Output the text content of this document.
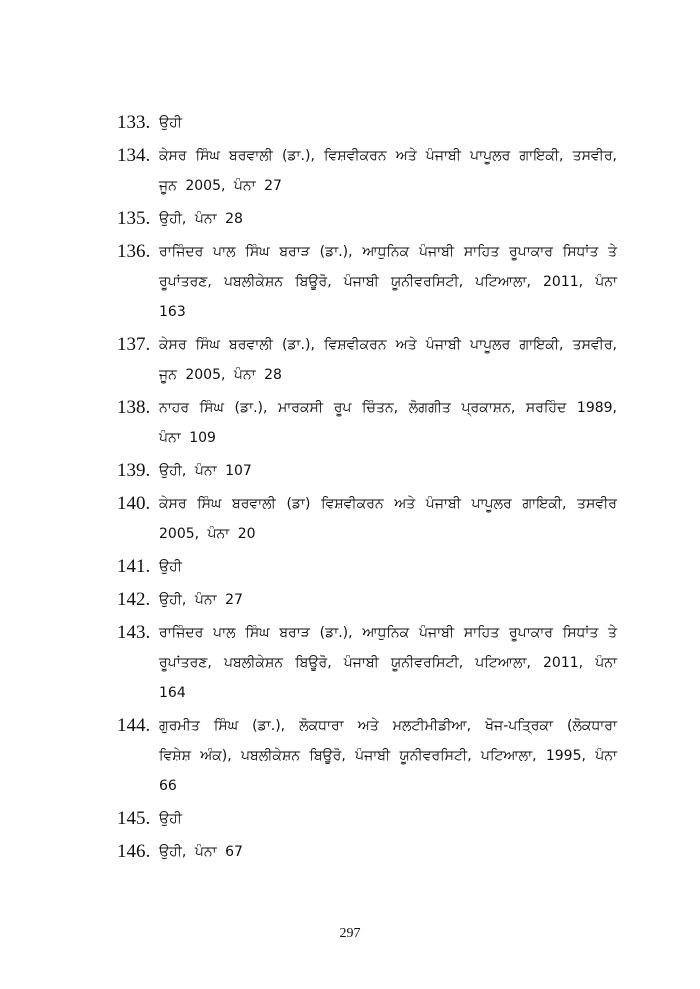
133. ਉਹੀ
134. ਕੇਸਰ ਸਿੰਘ ਬਰਵਾਲੀ (ਡਾ.), ਵਿਸ਼ਵੀਕਰਨ ਅਤੇ ਪੰਜਾਬੀ ਪਾਪੂਲਰ ਗਾਇਕੀ, ਤਸਵੀਰ, ਜੂਨ 2005, ਪੰਨਾ 27
135. ਉਹੀ, ਪੰਨਾ 28
136. ਰਾਜਿੰਦਰ ਪਾਲ ਸਿੰਘ ਬਰਾੜ (ਡਾ.), ਆਧੁਨਿਕ ਪੰਜਾਬੀ ਸਾਹਿਤ ਰੂਪਾਕਾਰ ਸਿਧਾਂਤ ਤੇ ਰੂਪਾਂਤਰਣ, ਪਬਲੀਕੇਸ਼ਨ ਬਿਊਰੋ, ਪੰਜਾਬੀ ਯੂਨੀਵਰਸਿਟੀ, ਪਟਿਆਲਾ, 2011, ਪੰਨਾ 163
137. ਕੇਸਰ ਸਿੰਘ ਬਰਵਾਲੀ (ਡਾ.), ਵਿਸ਼ਵੀਕਰਨ ਅਤੇ ਪੰਜਾਬੀ ਪਾਪੂਲਰ ਗਾਇਕੀ, ਤਸਵੀਰ, ਜੂਨ 2005, ਪੰਨਾ 28
138. ਨਾਹਰ ਸਿੰਘ (ਡਾ.), ਮਾਰਕਸੀ ਰੂਪ ਚਿੰਤਨ, ਲੋਗਗੀਤ ਪ੍ਰਕਾਸ਼ਨ, ਸਰਹਿੰਦ 1989, ਪੰਨਾ 109
139. ਉਹੀ, ਪੰਨਾ 107
140. ਕੇਸਰ ਸਿੰਘ ਬਰਵਾਲੀ (ਡਾ) ਵਿਸ਼ਵੀਕਰਨ ਅਤੇ ਪੰਜਾਬੀ ਪਾਪੂਲਰ ਗਾਇਕੀ, ਤਸਵੀਰ 2005, ਪੰਨਾ 20
141. ਉਹੀ
142. ਉਹੀ, ਪੰਨਾ 27
143. ਰਾਜਿੰਦਰ ਪਾਲ ਸਿੰਘ ਬਰਾੜ (ਡਾ.), ਆਧੁਨਿਕ ਪੰਜਾਬੀ ਸਾਹਿਤ ਰੂਪਾਕਾਰ ਸਿਧਾਂਤ ਤੇ ਰੂਪਾਂਤਰਣ, ਪਬਲੀਕੇਸ਼ਨ ਬਿਊਰੋ, ਪੰਜਾਬੀ ਯੂਨੀਵਰਸਿਟੀ, ਪਟਿਆਲਾ, 2011, ਪੰਨਾ 164
144. ਗੁਰਮੀਤ ਸਿੰਘ (ਡਾ.), ਲੋਕਧਾਰਾ ਅਤੇ ਮਲਟੀਮੀਡੀਆ, ਖੋਜ-ਪਤ੍ਰਿਕਾ (ਲੋਕਧਾਰਾ ਵਿਸ਼ੇਸ਼ ਅੰਕ), ਪਬਲੀਕੇਸ਼ਨ ਬਿਊਰੋ, ਪੰਜਾਬੀ ਯੂਨੀਵਰਸਿਟੀ, ਪਟਿਆਲਾ, 1995, ਪੰਨਾ 66
145. ਉਹੀ
146. ਉਹੀ, ਪੰਨਾ 67
297
